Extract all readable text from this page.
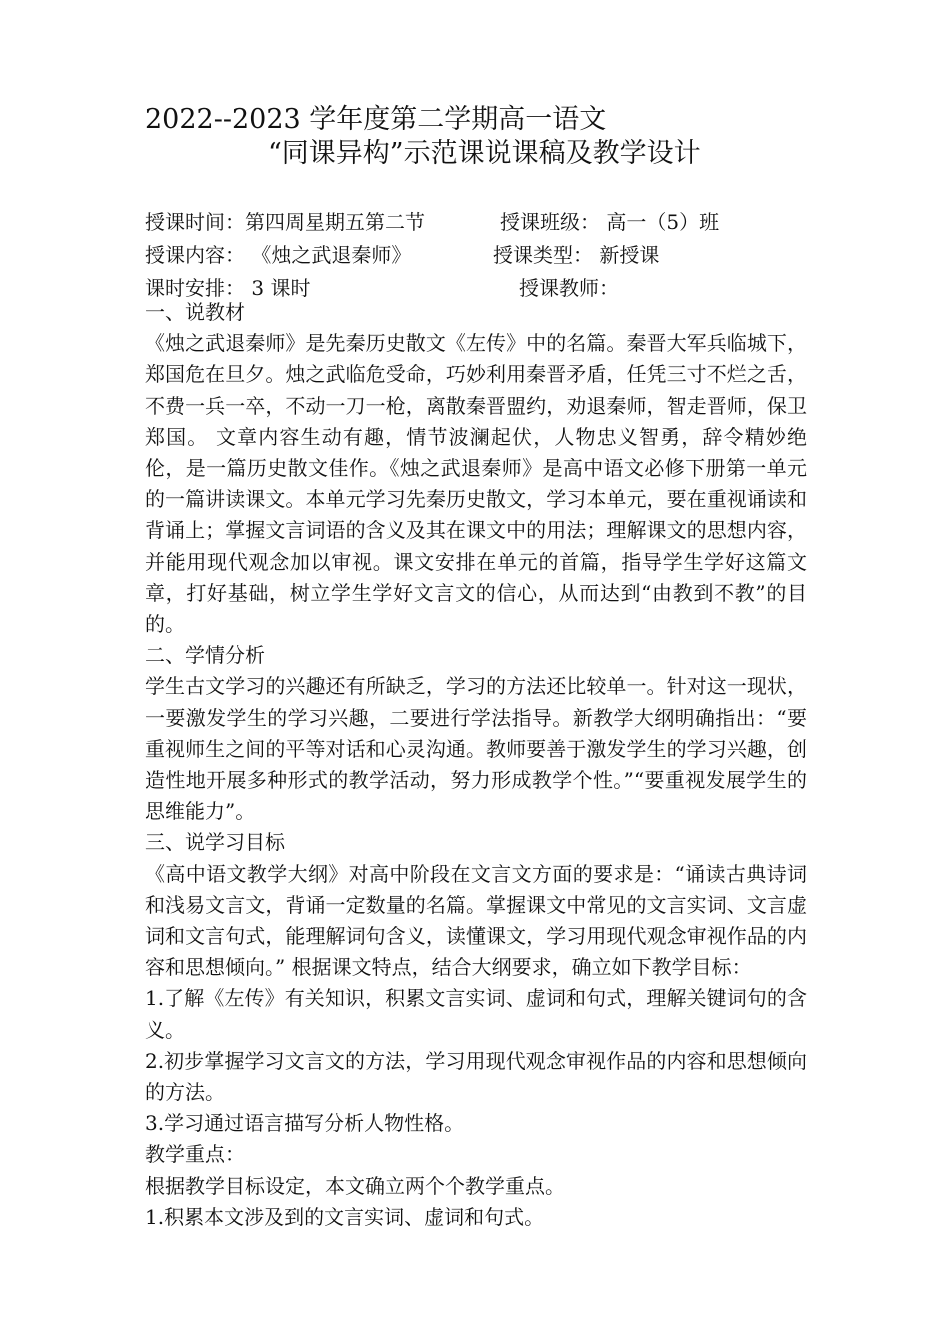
2022--2023 学年度第二学期高一语文
“同课异构”示范课说课稿及教学设计
授课时间：第四周星期五第二节	授课班级： 高一（5）班
授课内容： 《烛之武退秦师》	授课类型： 新授课
课时安排： 3 课时	授课教师：

一、说教材

《烛之武退秦师》是先秦历史散文《左传》中的名篇。秦晋大军兵临城下，郑国危在旦夕。烛之武临危受命，巧妙利用秦晋矛盾，任凭三寸不烂之舌，不费一兵一卒，不动一刀一枪，离散秦晋盟约，劝退秦师，智走晋师，保卫郑国。 文章内容生动有趣，情节波澜起伏，人物忠义智勇，辞令精妙绝伦，是一篇历史散文佳作。《烛之武退秦师》是高中语文必修下册第一单元的一篇讲读课文。本单元学习先秦历史散文，学习本单元，要在重视诵读和背诵上；掌握文言词语的含义及其在课文中的用法；理解课文的思想内容，并能用现代观念加以审视。课文安排在单元的首篇，指导学生学好这篇文章，打好基础，树立学生学好文言文的信心，从而达到“由教到不教”的目的。

二、学情分析

学生古文学习的兴趣还有所缺乏，学习的方法还比较单一。针对这一现状，一要激发学生的学习兴趣，二要进行学法指导。新教学大纲明确指出：“要重视师生之间的平等对话和心灵沟通。教师要善于激发学生的学习兴趣，创造性地开展多种形式的教学活动，努力形成教学个性。”“要重视发展学生的思维能力”。

三、说学习目标

《高中语文教学大纲》对高中阶段在文言文方面的要求是：“诵读古典诗词和浅易文言文，背诵一定数量的名篇。掌握课文中常见的文言实词、文言虚词和文言句式，能理解词句含义，读懂课文，学习用现代观念审视作品的内容和思想倾向。” 根据课文特点，结合大纲要求，确立如下教学目标：

1.了解《左传》有关知识，积累文言实词、虚词和句式，理解关键词句的含义。

2.初步掌握学习文言文的方法，学习用现代观念审视作品的内容和思想倾向的方法。

3.学习通过语言描写分析人物性格。

教学重点：

根据教学目标设定，本文确立两个个教学重点。

1.积累本文涉及到的文言实词、虚词和句式。
